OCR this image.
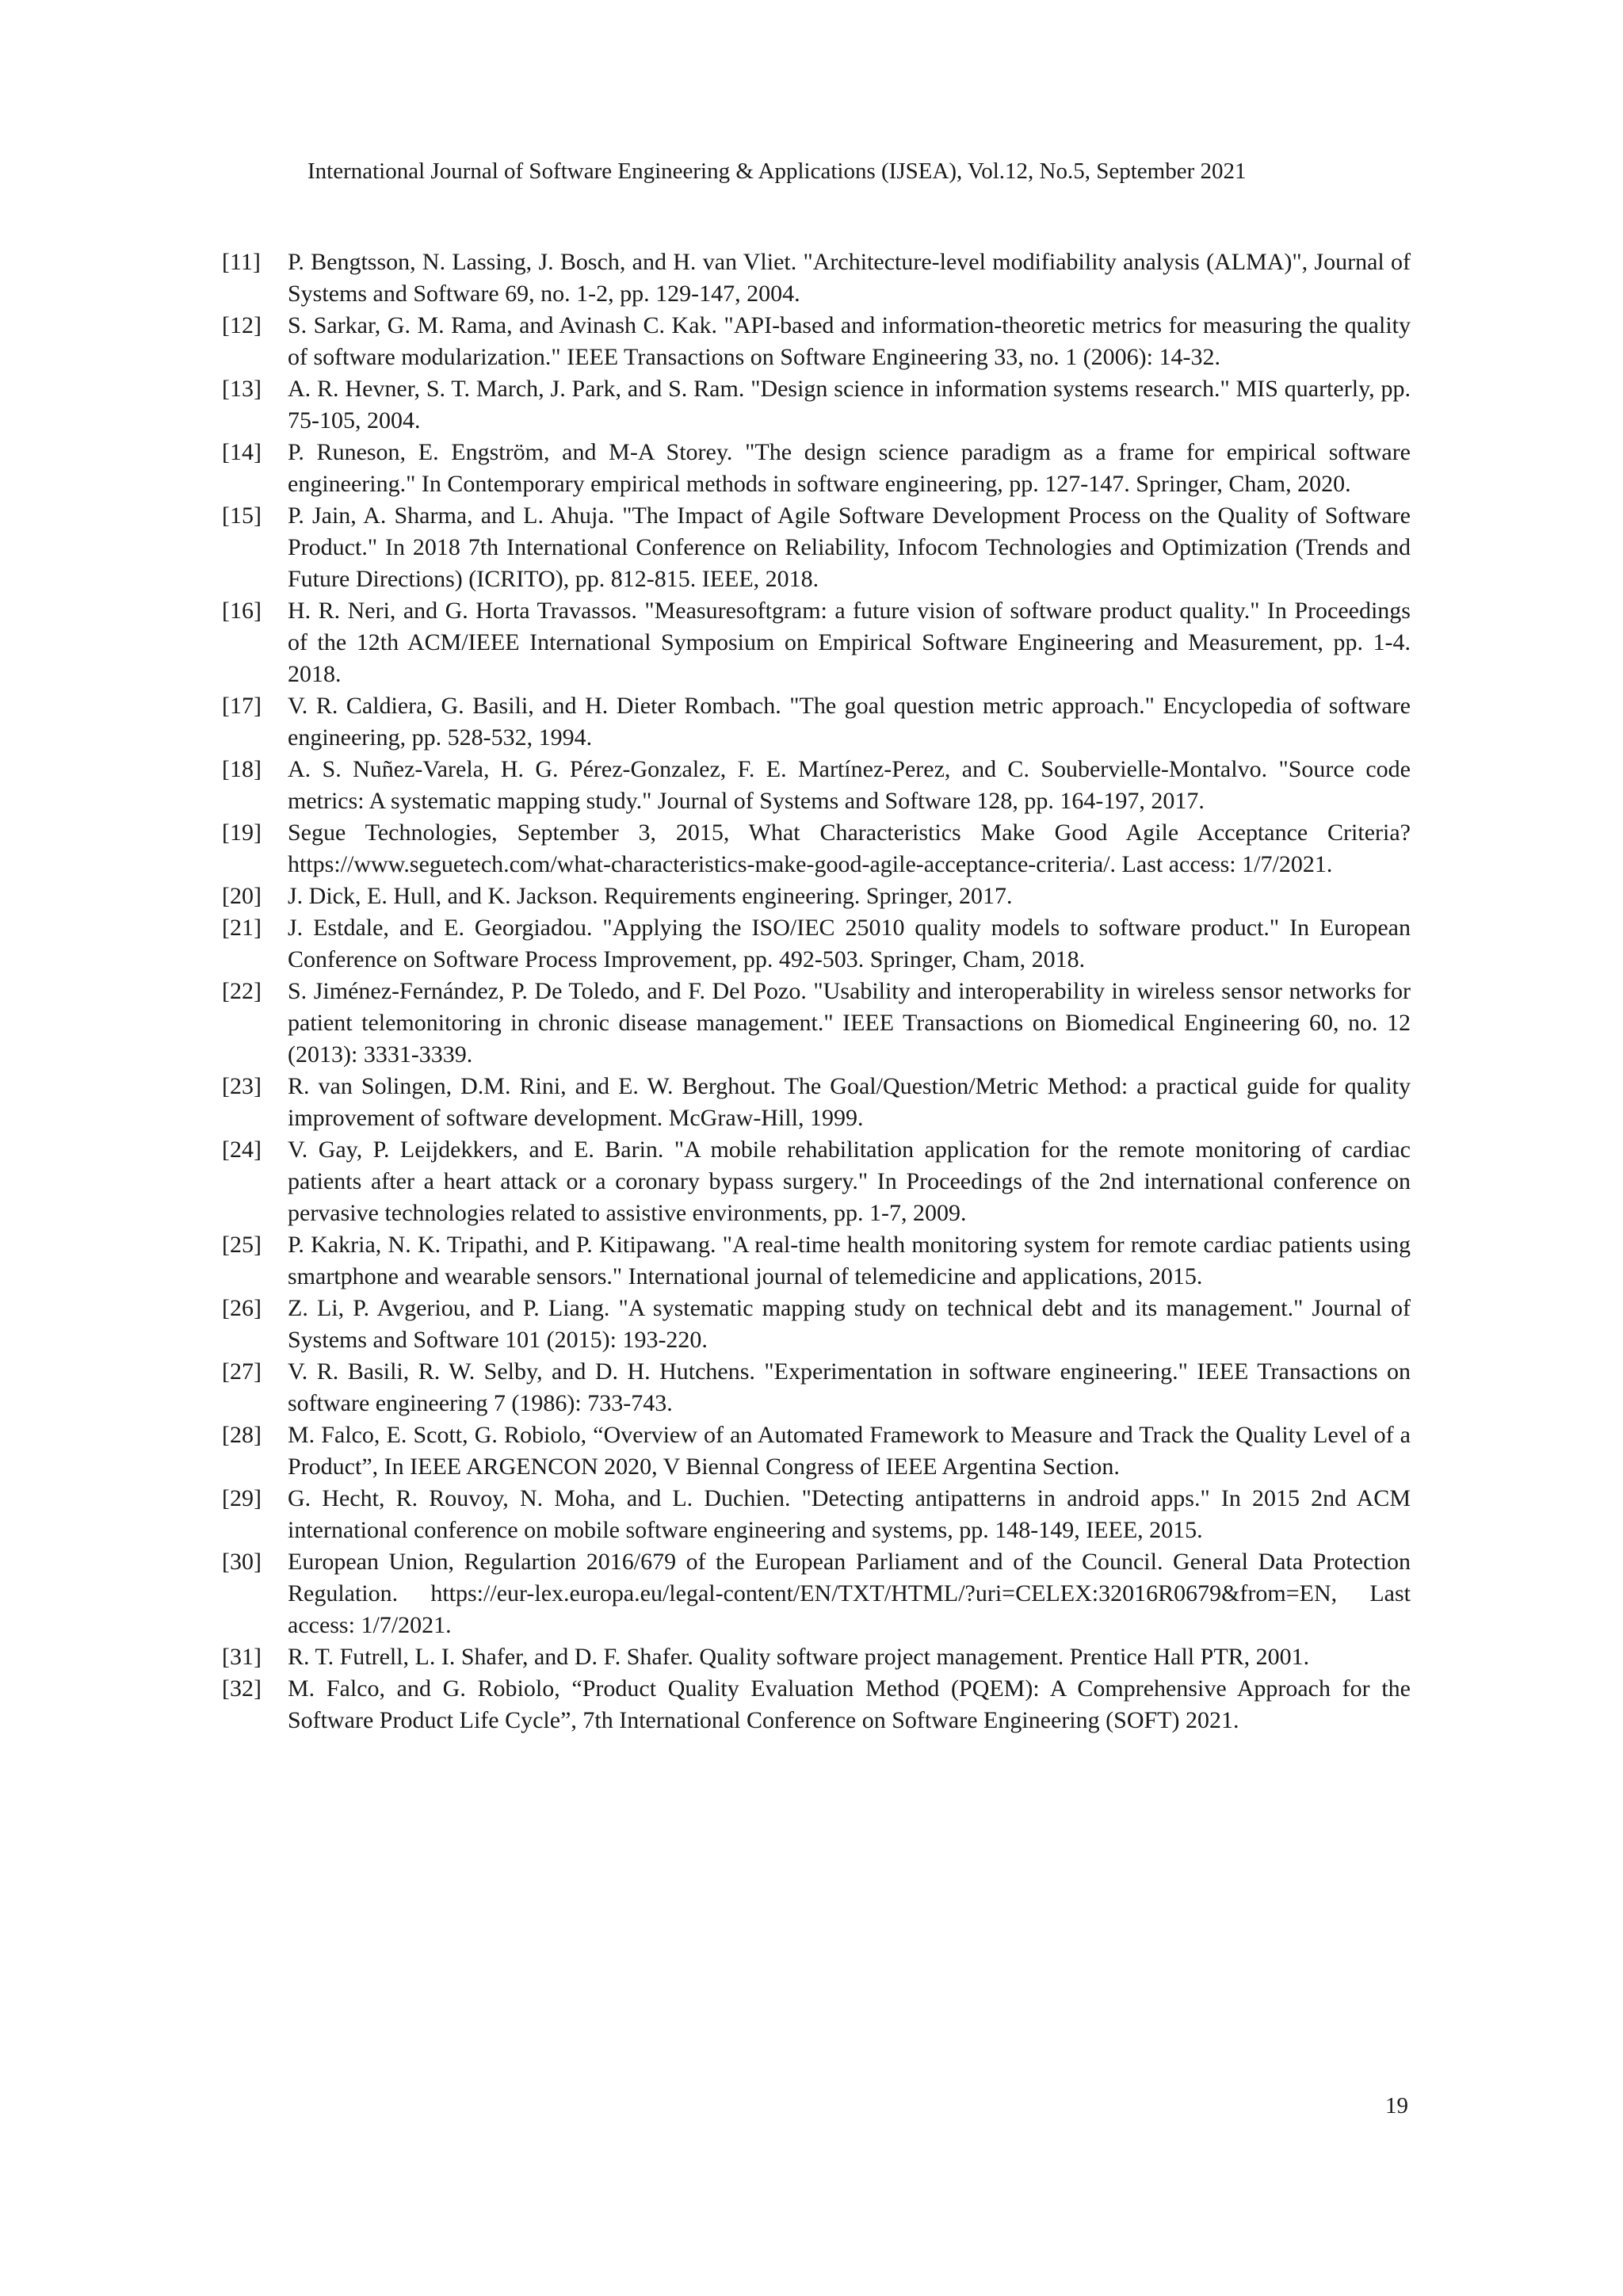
International Journal of Software Engineering & Applications (IJSEA), Vol.12, No.5, September 2021
[11]	P. Bengtsson, N. Lassing, J. Bosch, and H. van Vliet. "Architecture-level modifiability analysis (ALMA)", Journal of Systems and Software 69, no. 1-2, pp. 129-147, 2004.
[12]	S. Sarkar, G. M. Rama, and Avinash C. Kak. "API-based and information-theoretic metrics for measuring the quality of software modularization." IEEE Transactions on Software Engineering 33, no. 1 (2006): 14-32.
[13]	A. R. Hevner, S. T. March, J. Park, and S. Ram. "Design science in information systems research." MIS quarterly, pp. 75-105, 2004.
[14]	P. Runeson, E. Engström, and M-A Storey. "The design science paradigm as a frame for empirical software engineering." In Contemporary empirical methods in software engineering, pp. 127-147. Springer, Cham, 2020.
[15]	P. Jain, A. Sharma, and L. Ahuja. "The Impact of Agile Software Development Process on the Quality of Software Product." In 2018 7th International Conference on Reliability, Infocom Technologies and Optimization (Trends and Future Directions) (ICRITO), pp. 812-815. IEEE, 2018.
[16]	H. R. Neri, and G. Horta Travassos. "Measuresoftgram: a future vision of software product quality." In Proceedings of the 12th ACM/IEEE International Symposium on Empirical Software Engineering and Measurement, pp. 1-4. 2018.
[17]	V. R. Caldiera, G. Basili, and H. Dieter Rombach. "The goal question metric approach." Encyclopedia of software engineering, pp. 528-532, 1994.
[18]	A. S. Nuñez-Varela, H. G. Pérez-Gonzalez, F. E. Martínez-Perez, and C. Soubervielle-Montalvo. "Source code metrics: A systematic mapping study." Journal of Systems and Software 128, pp. 164-197, 2017.
[19]	Segue Technologies, September 3, 2015, What Characteristics Make Good Agile Acceptance Criteria? https://www.seguetech.com/what-characteristics-make-good-agile-acceptance-criteria/. Last access: 1/7/2021.
[20]	J. Dick, E. Hull, and K. Jackson. Requirements engineering. Springer, 2017.
[21]	J. Estdale, and E. Georgiadou. "Applying the ISO/IEC 25010 quality models to software product." In European Conference on Software Process Improvement, pp. 492-503. Springer, Cham, 2018.
[22]	S. Jiménez-Fernández, P. De Toledo, and F. Del Pozo. "Usability and interoperability in wireless sensor networks for patient telemonitoring in chronic disease management." IEEE Transactions on Biomedical Engineering 60, no. 12 (2013): 3331-3339.
[23]	R. van Solingen, D.M. Rini, and E. W. Berghout. The Goal/Question/Metric Method: a practical guide for quality improvement of software development. McGraw-Hill, 1999.
[24]	V. Gay, P. Leijdekkers, and E. Barin. "A mobile rehabilitation application for the remote monitoring of cardiac patients after a heart attack or a coronary bypass surgery." In Proceedings of the 2nd international conference on pervasive technologies related to assistive environments, pp. 1-7, 2009.
[25]	P. Kakria, N. K. Tripathi, and P. Kitipawang. "A real-time health monitoring system for remote cardiac patients using smartphone and wearable sensors." International journal of telemedicine and applications, 2015.
[26]	Z. Li, P. Avgeriou, and P. Liang. "A systematic mapping study on technical debt and its management." Journal of Systems and Software 101 (2015): 193-220.
[27]	V. R. Basili, R. W. Selby, and D. H. Hutchens. "Experimentation in software engineering." IEEE Transactions on software engineering 7 (1986): 733-743.
[28]	M. Falco, E. Scott, G. Robiolo, “Overview of an Automated Framework to Measure and Track the Quality Level of a Product”, In IEEE ARGENCON 2020, V Biennal Congress of IEEE Argentina Section.
[29]	G. Hecht, R. Rouvoy, N. Moha, and L. Duchien. "Detecting antipatterns in android apps." In 2015 2nd ACM international conference on mobile software engineering and systems, pp. 148-149, IEEE, 2015.
[30]	European Union, Regulartion 2016/679 of the European Parliament and of the Council. General Data Protection Regulation. https://eur-lex.europa.eu/legal-content/EN/TXT/HTML/?uri=CELEX:32016R0679&from=EN, Last access: 1/7/2021.
[31]	R. T. Futrell, L. I. Shafer, and D. F. Shafer. Quality software project management. Prentice Hall PTR, 2001.
[32]	M. Falco, and G. Robiolo, “Product Quality Evaluation Method (PQEM): A Comprehensive Approach for the Software Product Life Cycle”, 7th International Conference on Software Engineering (SOFT) 2021.
19
